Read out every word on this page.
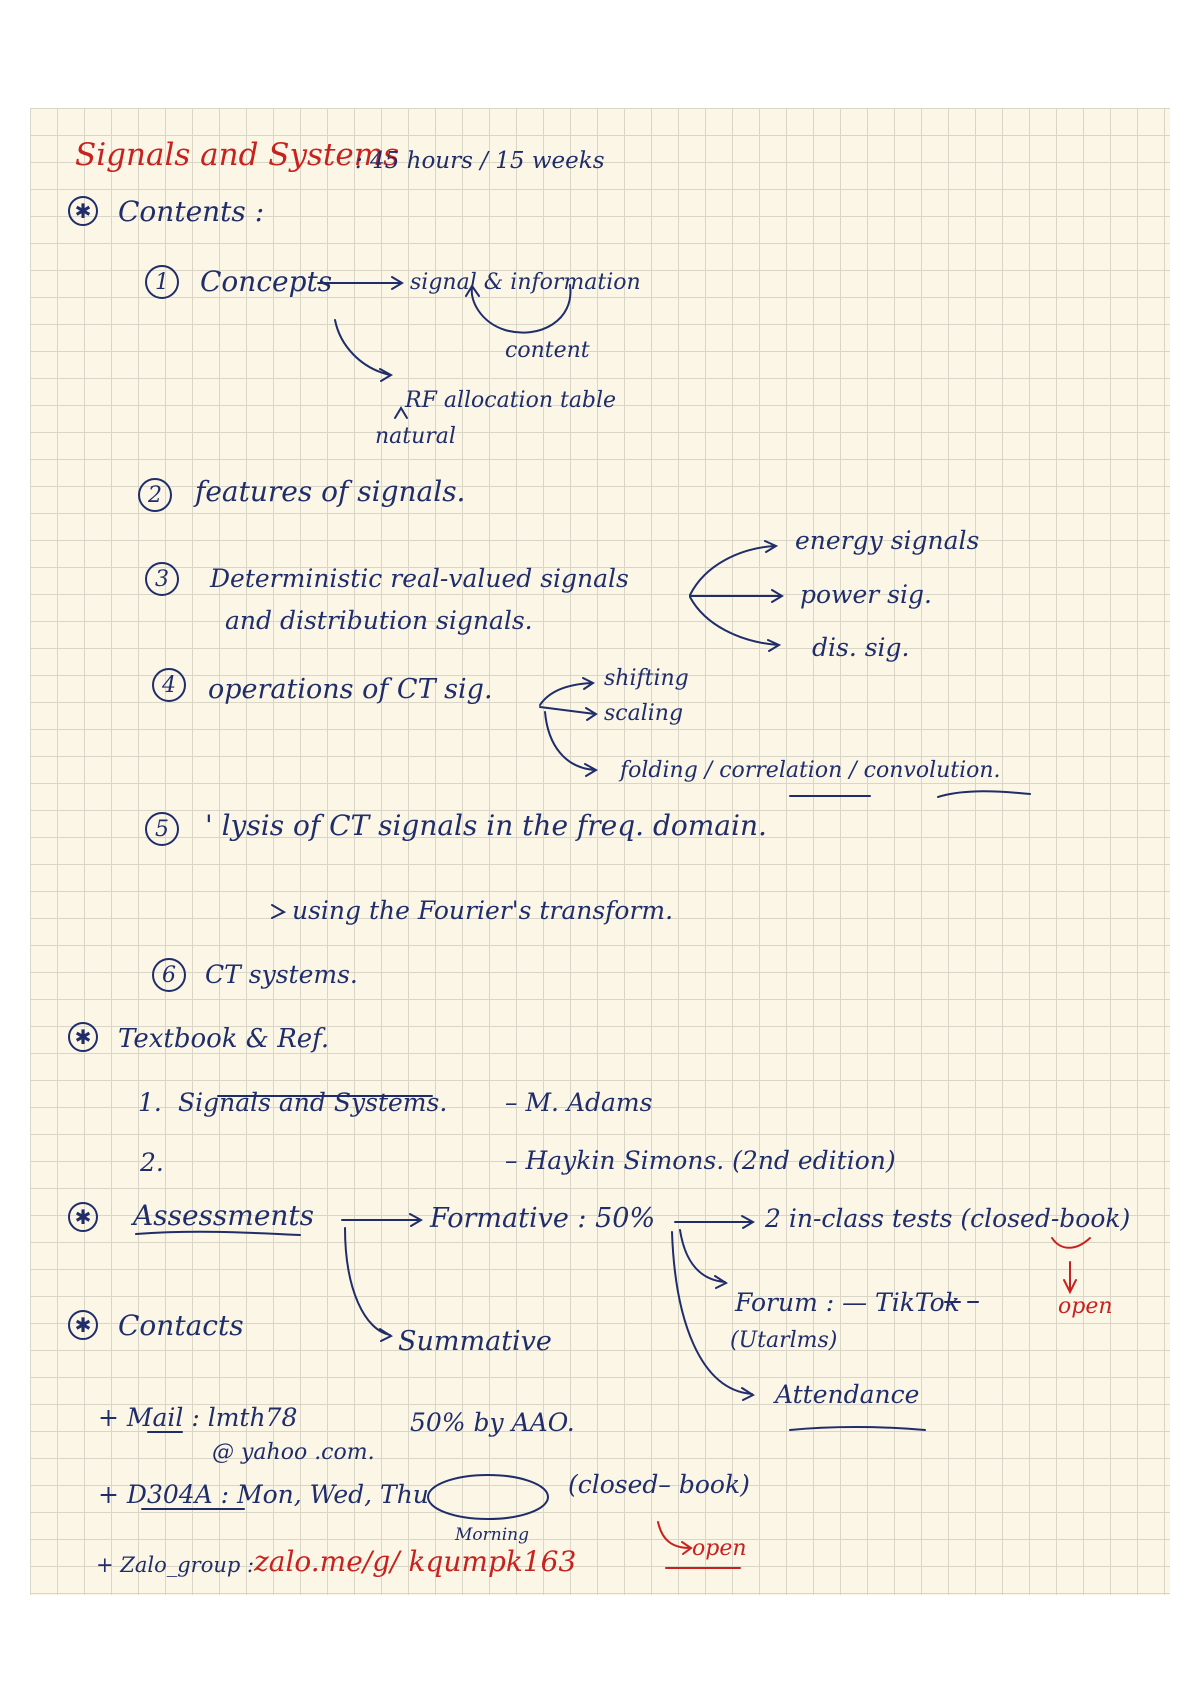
Signals and Systems
: 45 hours / 15 weeks
✱ Contents :
1	Concepts	signal & information
content
RF allocation table
natural
2	features of signals.
3	Deterministic real-valued signals
and distribution signals.
energy signals
power sig.
dis. sig.
4	operations of CT sig.	shifting
scaling
folding / correlation / convolution.
5	' lysis of CT signals in the freq. domain.
using the Fourier's transform.
6	CT systems.
✱ Textbook & Ref.
1. Signals and Systems. – M. Adams
2.	– Haykin Simons. (2nd edition)
✱ Assessments	Formative : 50%	2 in-class tests (closed-book)
open
Forum : — TikTok
(Utarlms)
Attendance
Summative
50% by AAO.
(closed– book)
open
✱ Contacts
+ Mail : lmth78
@ yahoo .com.
+ D304A : Mon, Wed, Thu
Morning
+ Zalo_group : zalo.me/g/ kqumpk163
